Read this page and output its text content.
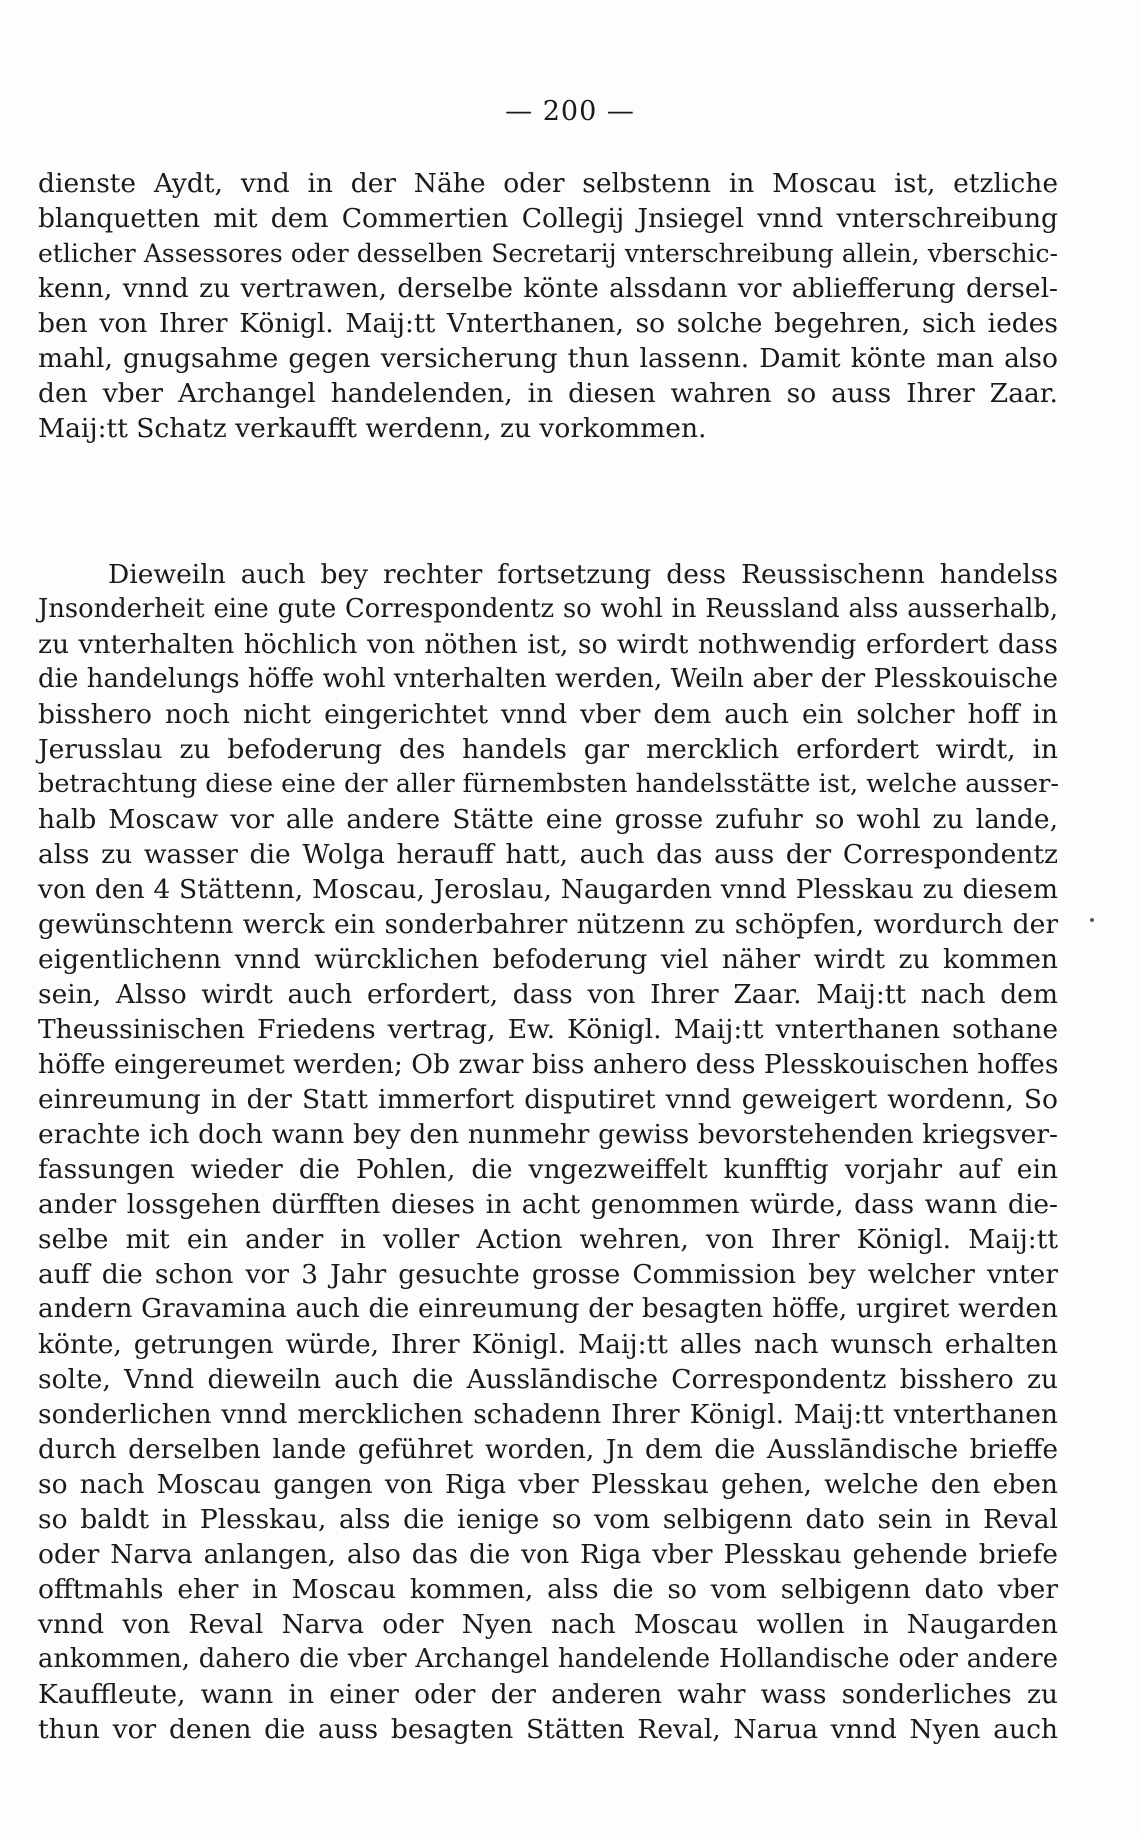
— 200 —
dienste Aydt, vnd in der Nähe oder selbstenn in Moscau ist, etzliche
blanquetten mit dem Commertien Collegij Jnsiegel vnnd vnterschreibung
etlicher Assessores oder desselben Secretarij vnterschreibung allein, vberschic-
kenn, vnnd zu vertrawen, derselbe könte alssdann vor abliefferung dersel-
ben von Ihrer Königl. Maij:tt Vnterthanen, so solche begehren, sich iedes
mahl, gnugsahme gegen versicherung thun lassenn. Damit könte man also
den vber Archangel handelenden, in diesen wahren so auss Ihrer Zaar.
Maij:tt Schatz verkaufft werdenn, zu vorkommen.
Dieweiln auch bey rechter fortsetzung dess Reussischenn handelss
Jnsonderheit eine gute Correspondentz so wohl in Reussland alss ausserhalb,
zu vnterhalten höchlich von nöthen ist, so wirdt nothwendig erfordert dass
die handelungs höffe wohl vnterhalten werden, Weiln aber der Plesskouische
bisshero noch nicht eingerichtet vnnd vber dem auch ein solcher hoff in
Jerusslau zu befoderung des handels gar mercklich erfordert wirdt, in
betrachtung diese eine der aller fürnembsten handelsstätte ist, welche ausser-
halb Moscaw vor alle andere Stätte eine grosse zufuhr so wohl zu lande,
alss zu wasser die Wolga herauff hatt, auch das auss der Correspondentz
von den 4 Stättenn, Moscau, Jeroslau, Naugarden vnnd Plesskau zu diesem
gewünschtenn werck ein sonderbahrer nützenn zu schöpfen, wordurch der
eigentlichenn vnnd würcklichen befoderung viel näher wirdt zu kommen
sein, Alsso wirdt auch erfordert, dass von Ihrer Zaar. Maij:tt nach dem
Theussinischen Friedens vertrag, Ew. Königl. Maij:tt vnterthanen sothane
höffe eingereumet werden; Ob zwar biss anhero dess Plesskouischen hoffes
einreumung in der Statt immerfort disputiret vnnd geweigert wordenn, So
erachte ich doch wann bey den nunmehr gewiss bevorstehenden kriegsver-
fassungen wieder die Pohlen, die vngezweiffelt kunfftig vorjahr auf ein
ander lossgehen dürfften dieses in acht genommen würde, dass wann die-
selbe mit ein ander in voller Action wehren, von Ihrer Königl. Maij:tt
auff die schon vor 3 Jahr gesuchte grosse Commission bey welcher vnter
andern Gravamina auch die einreumung der besagten höffe, urgiret werden
könte, getrungen würde, Ihrer Königl. Maij:tt alles nach wunsch erhalten
solte, Vnnd dieweiln auch die Ausslāndische Correspondentz bisshero zu
sonderlichen vnnd mercklichen schadenn Ihrer Königl. Maij:tt vnterthanen
durch derselben lande geführet worden, Jn dem die Ausslāndische brieffe
so nach Moscau gangen von Riga vber Plesskau gehen, welche den eben
so baldt in Plesskau, alss die ienige so vom selbigenn dato sein in Reval
oder Narva anlangen, also das die von Riga vber Plesskau gehende briefe
offtmahls eher in Moscau kommen, alss die so vom selbigenn dato vber
vnnd von Reval Narva oder Nyen nach Moscau wollen in Naugarden
ankommen, dahero die vber Archangel handelende Hollandische oder andere
Kauffleute, wann in einer oder der anderen wahr wass sonderliches zu
thun vor denen die auss besagten Stätten Reval, Narua vnnd Nyen auch
